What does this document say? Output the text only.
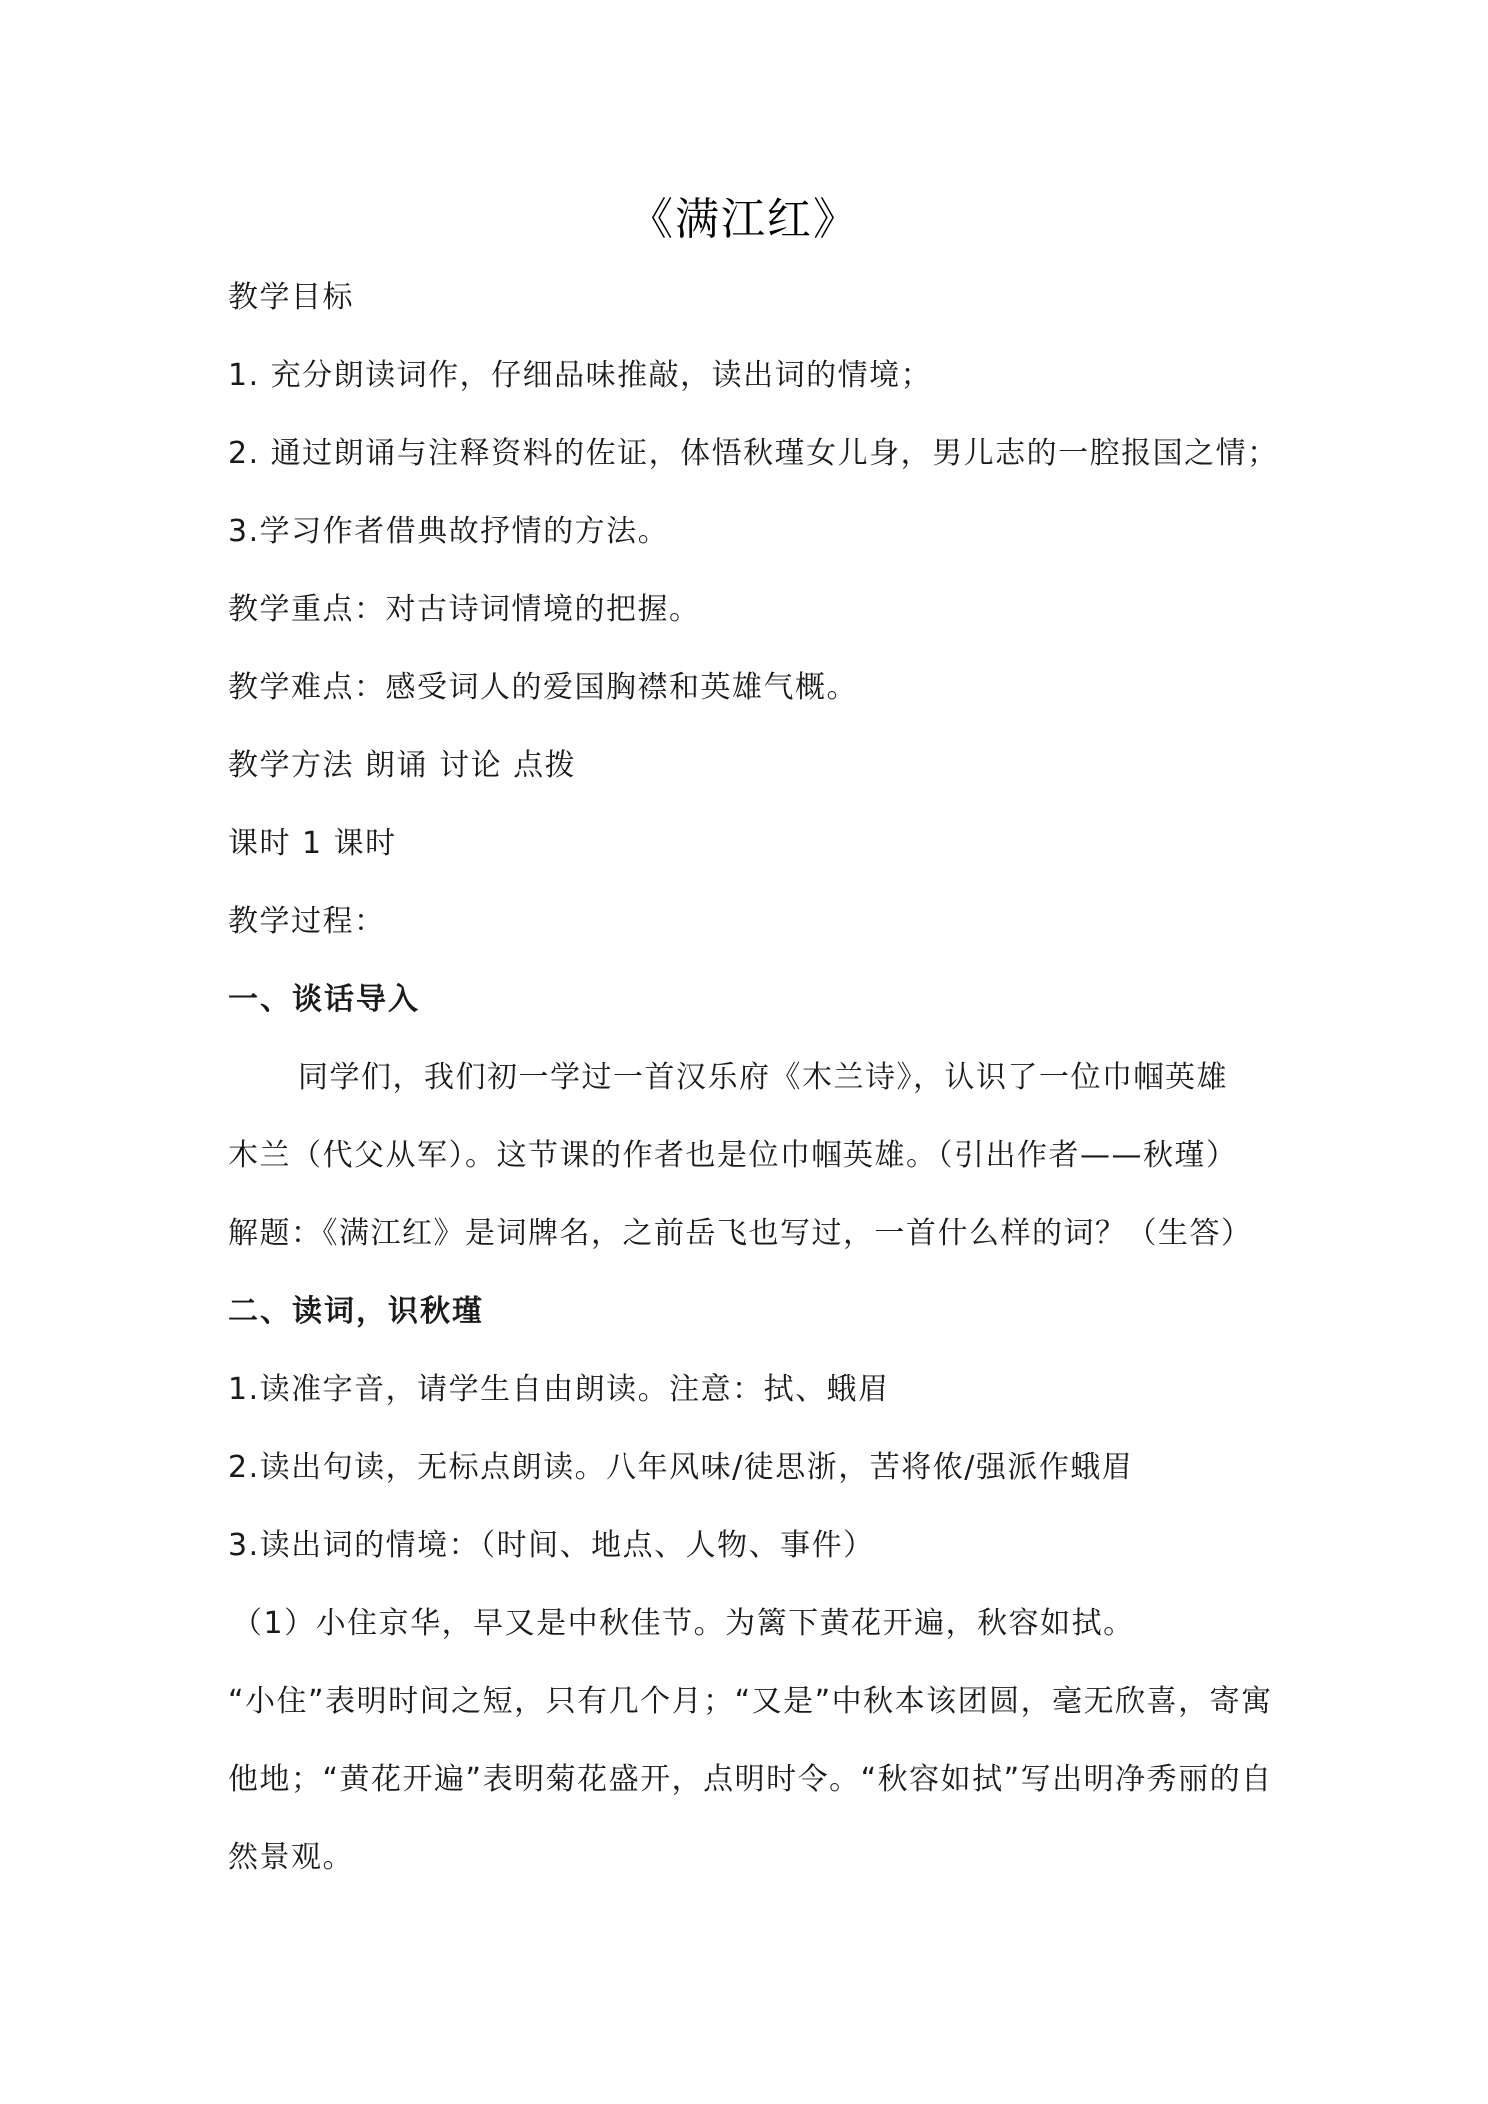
《满江红》
教学目标
1. 充分朗读词作，仔细品味推敲，读出词的情境；
2. 通过朗诵与注释资料的佐证，体悟秋瑾女儿身，男儿志的一腔报国之情；
3.学习作者借典故抒情的方法。
教学重点：对古诗词情境的把握。
教学难点：感受词人的爱国胸襟和英雄气概。
教学方法 朗诵 讨论 点拨
课时 1 课时
教学过程：
一、谈话导入
同学们，我们初一学过一首汉乐府《木兰诗》，认识了一位巾帼英雄
木兰（代父从军）。这节课的作者也是位巾帼英雄。（引出作者——秋瑾）
解题：《满江红》是词牌名，之前岳飞也写过，一首什么样的词？（生答）
二、读词，识秋瑾
1.读准字音，请学生自由朗读。注意：拭、蛾眉
2.读出句读，无标点朗读。八年风味/徒思浙，苦将侬/强派作蛾眉
3.读出词的情境：（时间、地点、人物、事件）
（1）小住京华，早又是中秋佳节。为篱下黄花开遍，秋容如拭。
“小住”表明时间之短，只有几个月；“又是”中秋本该团圆，毫无欣喜，寄寓
他地；“黄花开遍”表明菊花盛开，点明时令。“秋容如拭”写出明净秀丽的自
然景观。
